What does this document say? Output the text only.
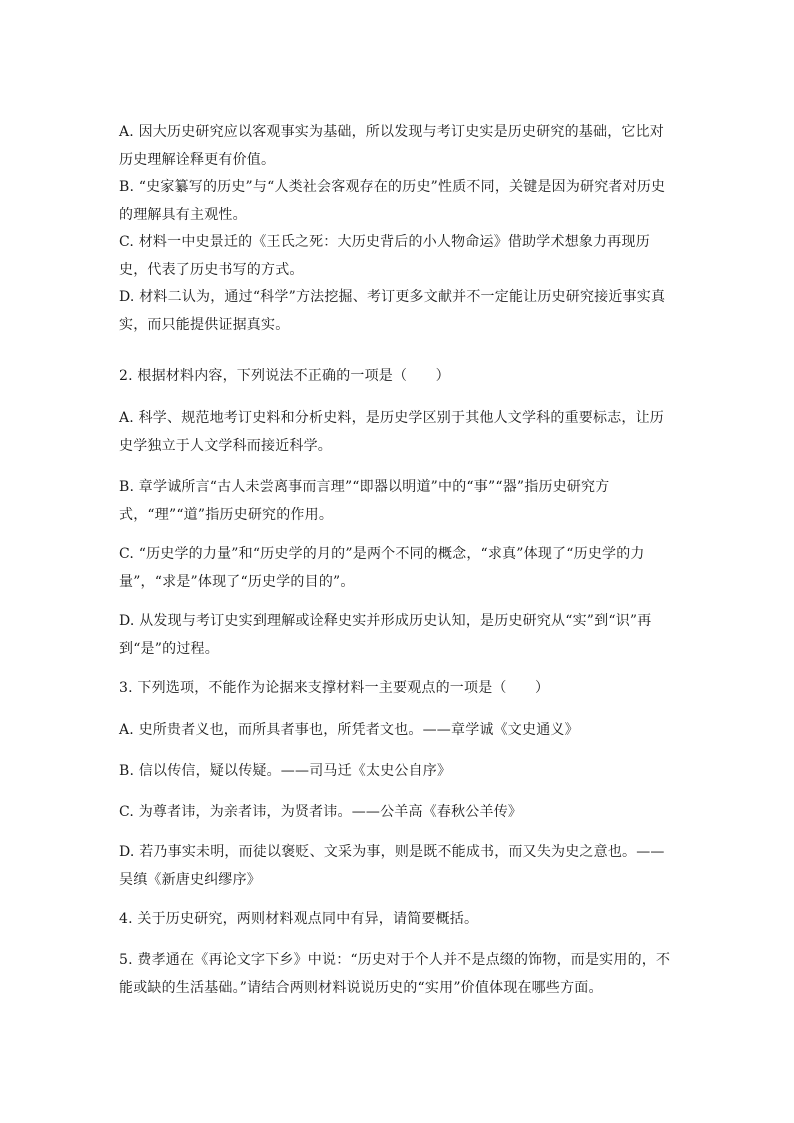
A. 因大历史研究应以客观事实为基础，所以发现与考订史实是历史研究的基础，它比对历史理解诠释更有价值。

B. “史家纂写的历史”与“人类社会客观存在的历史”性质不同，关键是因为研究者对历史的理解具有主观性。

C. 材料一中史景迁的《王氏之死：大历史背后的小人物命运》借助学术想象力再现历史，代表了历史书写的方式。

D. 材料二认为，通过“科学”方法挖掘、考订更多文献并不一定能让历史研究接近事实真实，而只能提供证据真实。

2. 根据材料内容，下列说法不正确的一项是（　　）

A. 科学、规范地考订史料和分析史料，是历史学区别于其他人文学科的重要标志，让历史学独立于人文学科而接近科学。

B. 章学诚所言“古人未尝离事而言理”“即器以明道”中的“事”“器”指历史研究方式，“理”“道”指历史研究的作用。

C. “历史学的力量”和“历史学的月的”是两个不同的概念，“求真”体现了“历史学的力量”，“求是”体现了“历史学的目的”。

D. 从发现与考订史实到理解或诠释史实并形成历史认知，是历史研究从“实”到“识”再到“是”的过程。

3. 下列选项，不能作为论据来支撑材料一主要观点的一项是（　　）

A. 史所贵者义也，而所具者事也，所凭者文也。——章学诚《文史通义》

B. 信以传信，疑以传疑。——司马迁《太史公自序》

C. 为尊者讳，为亲者讳，为贤者讳。——公羊高《春秋公羊传》

D. 若乃事实未明，而徒以褒贬、文采为事，则是既不能成书，而又失为史之意也。——吴缜《新唐史纠缪序》

4. 关于历史研究，两则材料观点同中有异，请简要概括。

5. 费孝通在《再论文字下乡》中说：“历史对于个人并不是点缀的饰物，而是实用的，不能或缺的生活基础。”请结合两则材料说说历史的“实用”价值体现在哪些方面。
